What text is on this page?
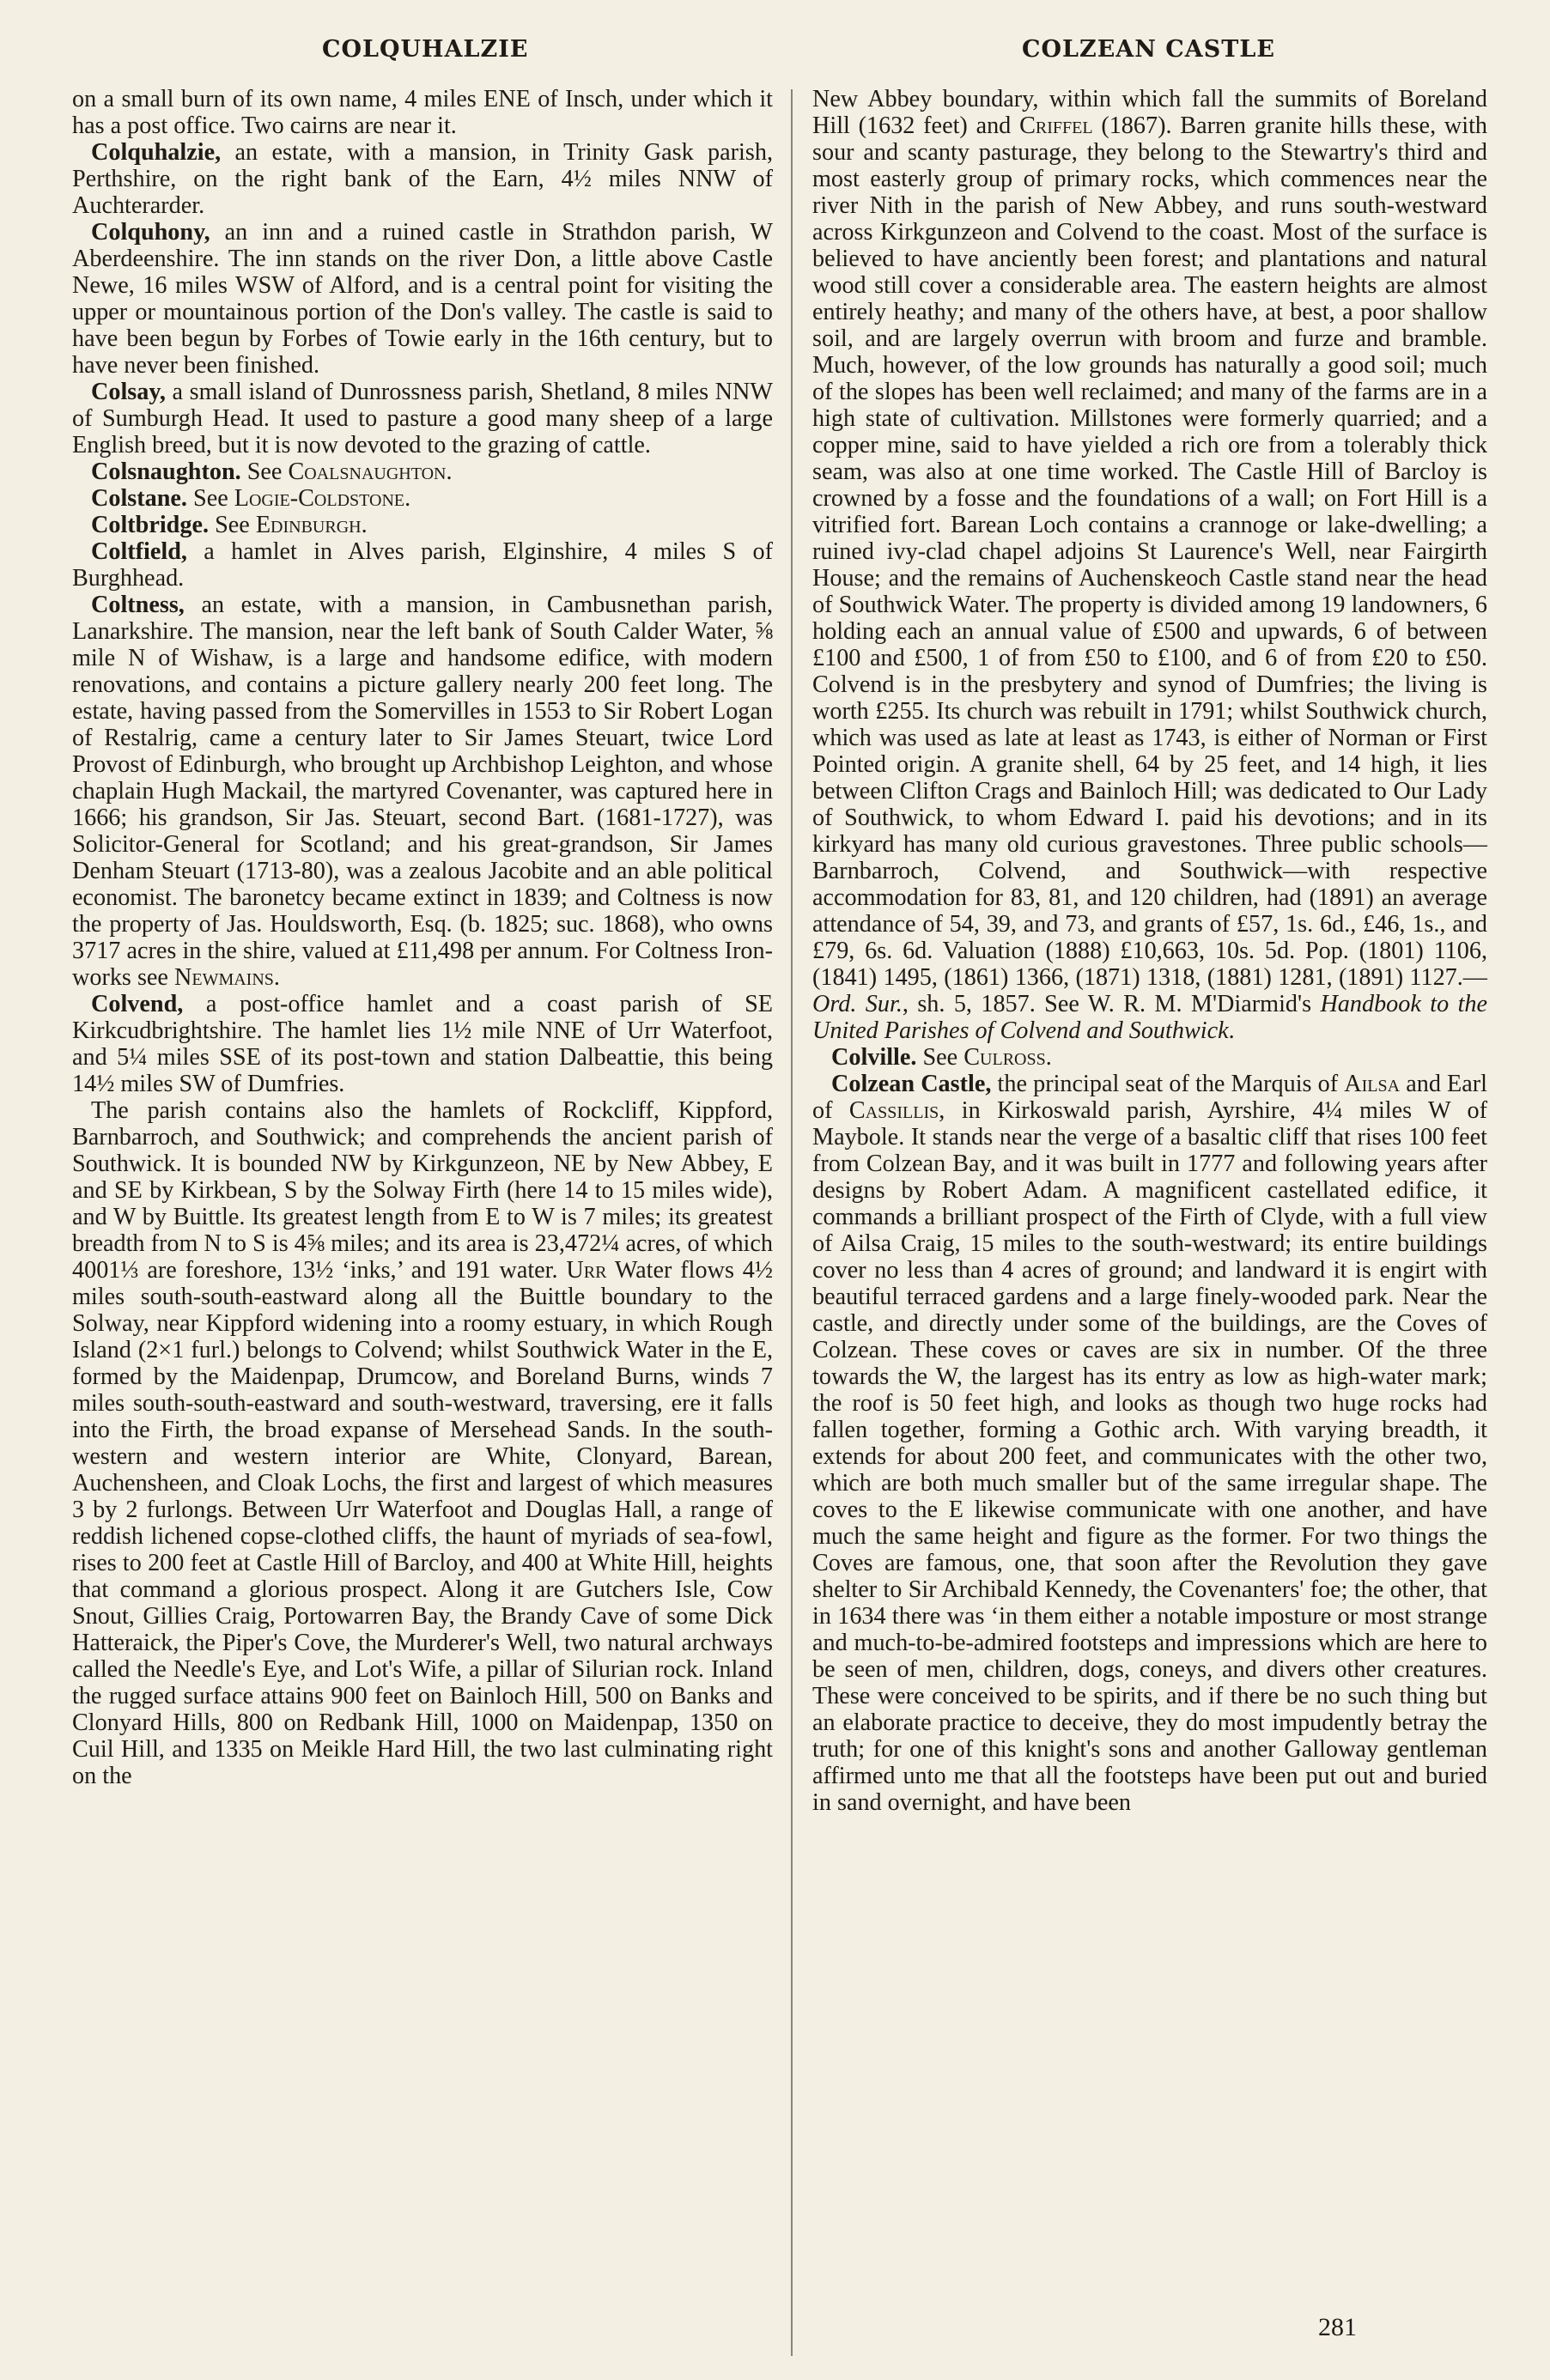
COLQUHALZIE	COLZEAN CASTLE

on a small burn of its own name, 4 miles ENE of Insch, under which it has a post office. Two cairns are near it.

Colquhalzie, an estate, with a mansion, in Trinity Gask parish, Perthshire, on the right bank of the Earn, 4½ miles NNW of Auchterarder.

Colquhony, an inn and a ruined castle in Strathdon parish, W Aberdeenshire. The inn stands on the river Don, a little above Castle Newe, 16 miles WSW of Alford, and is a central point for visiting the upper or mountainous portion of the Don's valley. The castle is said to have been begun by Forbes of Towie early in the 16th century, but to have never been finished.

Colsay, a small island of Dunrossness parish, Shetland, 8 miles NNW of Sumburgh Head. It used to pasture a good many sheep of a large English breed, but it is now devoted to the grazing of cattle.

Colsnaughton. See Coalsnaughton.

Colstane. See Logie-Coldstone.

Coltbridge. See Edinburgh.

Coltfield, a hamlet in Alves parish, Elginshire, 4 miles S of Burghhead.

Coltness, an estate, with a mansion, in Cambusnethan parish, Lanarkshire. The mansion, near the left bank of South Calder Water, ⅝ mile N of Wishaw, is a large and handsome edifice, with modern renovations, and contains a picture gallery nearly 200 feet long. The estate, having passed from the Somervilles in 1553 to Sir Robert Logan of Restalrig, came a century later to Sir James Steuart, twice Lord Provost of Edinburgh, who brought up Archbishop Leighton, and whose chaplain Hugh Mackail, the martyred Covenanter, was captured here in 1666; his grandson, Sir Jas. Steuart, second Bart. (1681-1727), was Solicitor-General for Scotland; and his great-grandson, Sir James Denham Steuart (1713-80), was a zealous Jacobite and an able political economist. The baronetcy became extinct in 1839; and Coltness is now the property of Jas. Houldsworth, Esq. (b. 1825; suc. 1868), who owns 3717 acres in the shire, valued at £11,498 per annum. For Coltness Iron-works see Newmains.

Colvend, a post-office hamlet and a coast parish of SE Kirkcudbrightshire. The hamlet lies 1½ mile NNE of Urr Waterfoot, and 5¼ miles SSE of its post-town and station Dalbeattie, this being 14½ miles SW of Dumfries.

The parish contains also the hamlets of Rockcliff, Kippford, Barnbarroch, and Southwick; and comprehends the ancient parish of Southwick. It is bounded NW by Kirkgunzeon, NE by New Abbey, E and SE by Kirkbean, S by the Solway Firth (here 14 to 15 miles wide), and W by Buittle. Its greatest length from E to W is 7 miles; its greatest breadth from N to S is 4⅝ miles; and its area is 23,472¼ acres, of which 4001⅓ are foreshore, 13½ ‘inks,’ and 191 water. Urr Water flows 4½ miles south-south-eastward along all the Buittle boundary to the Solway, near Kippford widening into a roomy estuary, in which Rough Island (2×1 furl.) belongs to Colvend; whilst Southwick Water in the E, formed by the Maidenpap, Drumcow, and Boreland Burns, winds 7 miles south-south-eastward and south-westward, traversing, ere it falls into the Firth, the broad expanse of Mersehead Sands. In the south-western and western interior are White, Clonyard, Barean, Auchensheen, and Cloak Lochs, the first and largest of which measures 3 by 2 furlongs. Between Urr Waterfoot and Douglas Hall, a range of reddish lichened copse-clothed cliffs, the haunt of myriads of sea-fowl, rises to 200 feet at Castle Hill of Barcloy, and 400 at White Hill, heights that command a glorious prospect. Along it are Gutchers Isle, Cow Snout, Gillies Craig, Portowarren Bay, the Brandy Cave of some Dick Hatteraick, the Piper's Cove, the Murderer's Well, two natural archways called the Needle's Eye, and Lot's Wife, a pillar of Silurian rock. Inland the rugged surface attains 900 feet on Bainloch Hill, 500 on Banks and Clonyard Hills, 800 on Redbank Hill, 1000 on Maidenpap, 1350 on Cuil Hill, and 1335 on Meikle Hard Hill, the two last culminating right on the

New Abbey boundary, within which fall the summits of Boreland Hill (1632 feet) and Criffel (1867). Barren granite hills these, with sour and scanty pasturage, they belong to the Stewartry's third and most easterly group of primary rocks, which commences near the river Nith in the parish of New Abbey, and runs south-westward across Kirkgunzeon and Colvend to the coast. Most of the surface is believed to have anciently been forest; and plantations and natural wood still cover a considerable area. The eastern heights are almost entirely heathy; and many of the others have, at best, a poor shallow soil, and are largely overrun with broom and furze and bramble. Much, however, of the low grounds has naturally a good soil; much of the slopes has been well reclaimed; and many of the farms are in a high state of cultivation. Millstones were formerly quarried; and a copper mine, said to have yielded a rich ore from a tolerably thick seam, was also at one time worked. The Castle Hill of Barcloy is crowned by a fosse and the foundations of a wall; on Fort Hill is a vitrified fort. Barean Loch contains a crannoge or lake-dwelling; a ruined ivy-clad chapel adjoins St Laurence's Well, near Fairgirth House; and the remains of Auchenskeoch Castle stand near the head of Southwick Water. The property is divided among 19 landowners, 6 holding each an annual value of £500 and upwards, 6 of between £100 and £500, 1 of from £50 to £100, and 6 of from £20 to £50. Colvend is in the presbytery and synod of Dumfries; the living is worth £255. Its church was rebuilt in 1791; whilst Southwick church, which was used as late at least as 1743, is either of Norman or First Pointed origin. A granite shell, 64 by 25 feet, and 14 high, it lies between Clifton Crags and Bainloch Hill; was dedicated to Our Lady of Southwick, to whom Edward I. paid his devotions; and in its kirkyard has many old curious gravestones. Three public schools—Barnbarroch, Colvend, and Southwick—with respective accommodation for 83, 81, and 120 children, had (1891) an average attendance of 54, 39, and 73, and grants of £57, 1s. 6d., £46, 1s., and £79, 6s. 6d. Valuation (1888) £10,663, 10s. 5d. Pop. (1801) 1106, (1841) 1495, (1861) 1366, (1871) 1318, (1881) 1281, (1891) 1127.—Ord. Sur., sh. 5, 1857. See W. R. M. M'Diarmid's Handbook to the United Parishes of Colvend and Southwick.

Colville. See Culross.

Colzean Castle, the principal seat of the Marquis of Ailsa and Earl of Cassillis, in Kirkoswald parish, Ayrshire, 4¼ miles W of Maybole. It stands near the verge of a basaltic cliff that rises 100 feet from Colzean Bay, and it was built in 1777 and following years after designs by Robert Adam. A magnificent castellated edifice, it commands a brilliant prospect of the Firth of Clyde, with a full view of Ailsa Craig, 15 miles to the south-westward; its entire buildings cover no less than 4 acres of ground; and landward it is engirt with beautiful terraced gardens and a large finely-wooded park. Near the castle, and directly under some of the buildings, are the Coves of Colzean. These coves or caves are six in number. Of the three towards the W, the largest has its entry as low as high-water mark; the roof is 50 feet high, and looks as though two huge rocks had fallen together, forming a Gothic arch. With varying breadth, it extends for about 200 feet, and communicates with the other two, which are both much smaller but of the same irregular shape. The coves to the E likewise communicate with one another, and have much the same height and figure as the former. For two things the Coves are famous, one, that soon after the Revolution they gave shelter to Sir Archibald Kennedy, the Covenanters' foe; the other, that in 1634 there was ‘in them either a notable imposture or most strange and much-to-be-admired footsteps and impressions which are here to be seen of men, children, dogs, coneys, and divers other creatures. These were conceived to be spirits, and if there be no such thing but an elaborate practice to deceive, they do most impudently betray the truth; for one of this knight's sons and another Galloway gentleman affirmed unto me that all the footsteps have been put out and buried in sand overnight, and have been

281
